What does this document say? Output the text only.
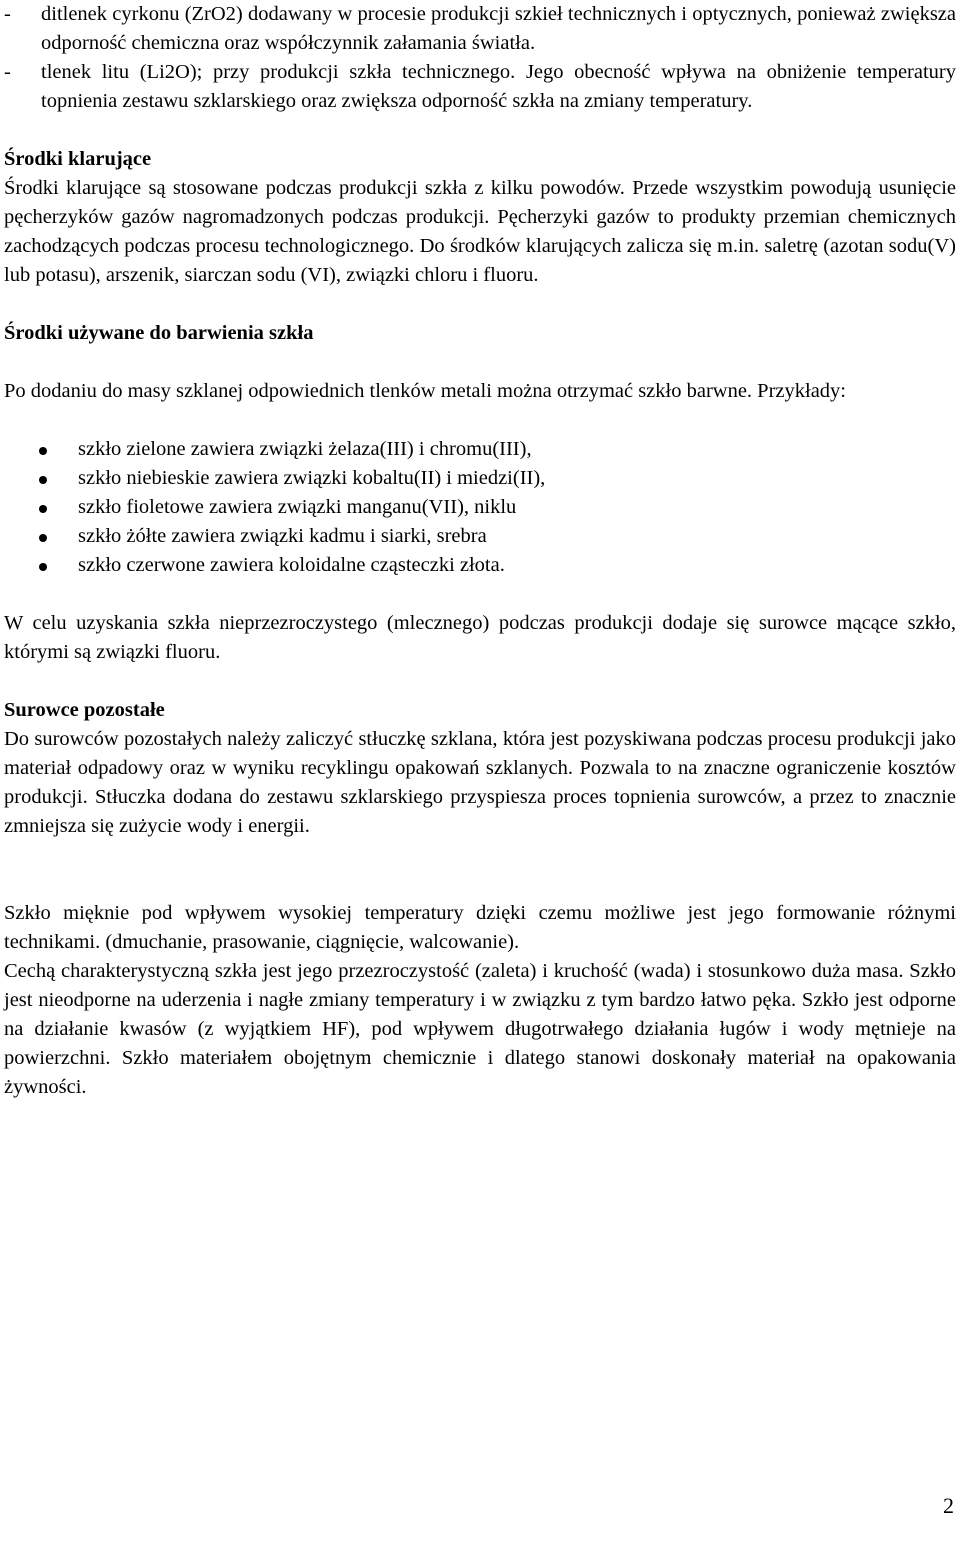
- ditlenek cyrkonu (ZrO2) dodawany w procesie produkcji szkieł technicznych i optycznych, ponieważ zwiększa odporność chemiczna oraz współczynnik załamania światła.
- tlenek litu (Li2O); przy produkcji szkła technicznego. Jego obecność wpływa na obniżenie temperatury topnienia zestawu szklarskiego oraz zwiększa odporność szkła na zmiany temperatury.
Środki klarujące

Środki klarujące są stosowane podczas produkcji szkła z kilku powodów. Przede wszystkim powodują usunięcie pęcherzyków gazów nagromadzonych podczas produkcji. Pęcherzyki gazów to produkty przemian chemicznych zachodzących podczas procesu technologicznego. Do środków klarujących zalicza się m.in. saletrę (azotan sodu(V) lub potasu), arszenik, siarczan sodu (VI), związki chloru i fluoru.

Środki używane do barwienia szkła

Po dodaniu do masy szklanej odpowiednich tlenków metali można otrzymać szkło barwne. Przykłady:

szkło zielone zawiera związki żelaza(III) i chromu(III),
szkło niebieskie zawiera związki kobaltu(II) i miedzi(II),
szkło fioletowe zawiera związki manganu(VII), niklu
szkło żółte zawiera związki kadmu i siarki, srebra
szkło czerwone zawiera koloidalne cząsteczki złota.

W celu uzyskania szkła nieprzezroczystego (mlecznego) podczas produkcji dodaje się surowce mącące szkło, którymi są związki fluoru.

Surowce pozostałe

Do surowców pozostałych należy zaliczyć stłuczkę szklana, która jest pozyskiwana podczas procesu produkcji jako materiał odpadowy oraz w wyniku recyklingu opakowań szklanych. Pozwala to na znaczne ograniczenie kosztów produkcji. Stłuczka dodana do zestawu szklarskiego przyspiesza proces topnienia surowców, a przez to znacznie zmniejsza się zużycie wody i energii.

Szkło mięknie pod wpływem wysokiej temperatury dzięki czemu możliwe jest jego formowanie różnymi technikami. (dmuchanie, prasowanie, ciągnięcie, walcowanie).

Cechą charakterystyczną szkła jest jego przezroczystość (zaleta) i kruchość (wada) i stosunkowo duża masa. Szkło jest nieodporne na uderzenia i nagłe zmiany temperatury i w związku z tym bardzo łatwo pęka. Szkło jest odporne na działanie kwasów (z wyjątkiem HF), pod wpływem długotrwałego działania ługów i wody mętnieje na powierzchni. Szkło materiałem obojętnym chemicznie i dlatego stanowi doskonały materiał na opakowania żywności.

2
